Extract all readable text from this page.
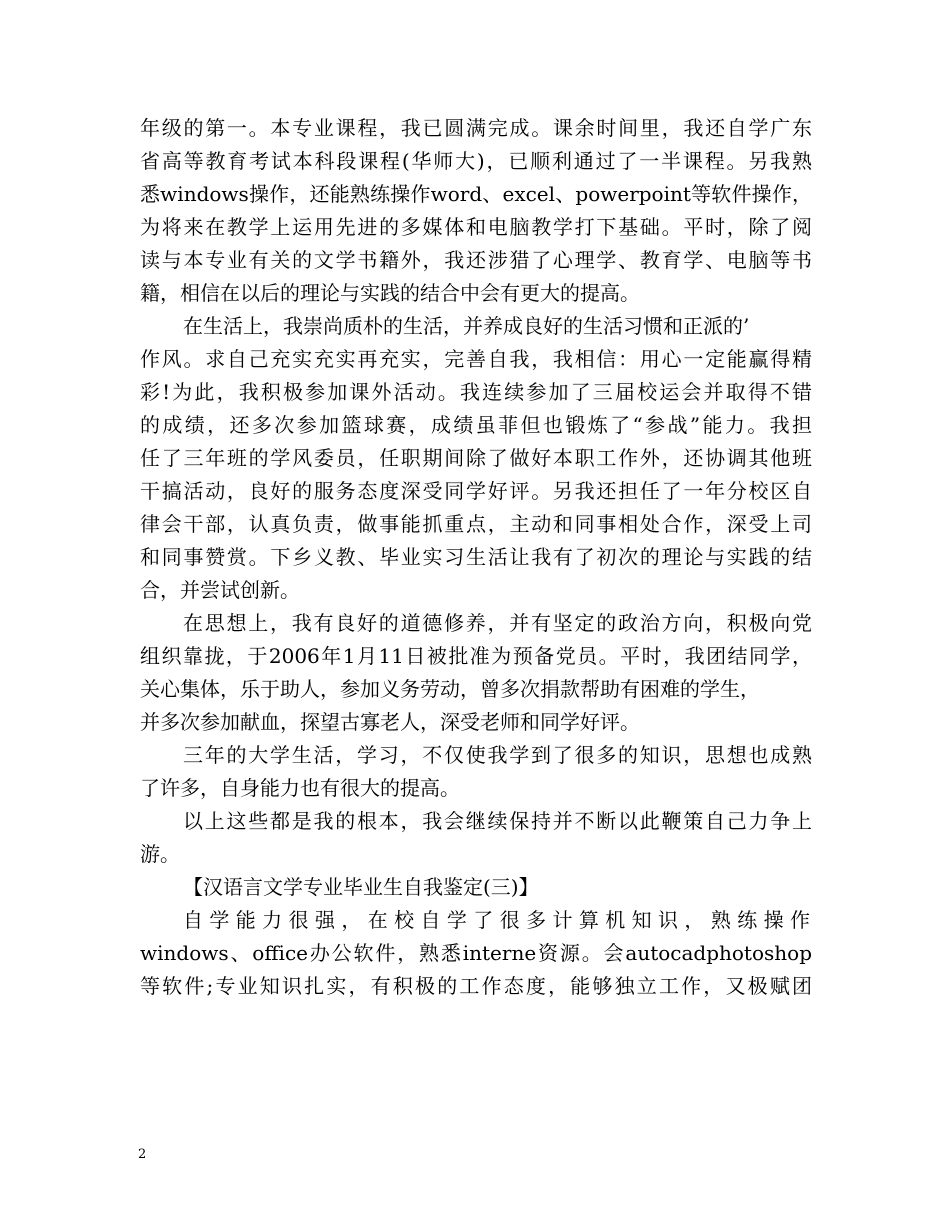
年级的第一。本专业课程，我已圆满完成。课余时间里，我还自学广东
省高等教育考试本科段课程(华师大)，已顺利通过了一半课程。另我熟
悉windows操作，还能熟练操作word、excel、powerpoint等软件操作，
为将来在教学上运用先进的多媒体和电脑教学打下基础。平时，除了阅
读与本专业有关的文学书籍外，我还涉猎了心理学、教育学、电脑等书
籍，相信在以后的理论与实践的结合中会有更大的提高。
在生活上，我崇尚质朴的生活，并养成良好的生活习惯和正派的’
作风。求自己充实充实再充实，完善自我，我相信：用心一定能赢得精
彩!为此，我积极参加课外活动。我连续参加了三届校运会并取得不错
的成绩，还多次参加篮球赛，成绩虽菲但也锻炼了“参战”能力。我担
任了三年班的学风委员，任职期间除了做好本职工作外，还协调其他班
干搞活动，良好的服务态度深受同学好评。另我还担任了一年分校区自
律会干部，认真负责，做事能抓重点，主动和同事相处合作，深受上司
和同事赞赏。下乡义教、毕业实习生活让我有了初次的理论与实践的结
合，并尝试创新。
在思想上，我有良好的道德修养，并有坚定的政治方向，积极向党
组织靠拢，于2006年1月11日被批准为预备党员。平时，我团结同学，
关心集体，乐于助人，参加义务劳动，曾多次捐款帮助有困难的学生，
并多次参加献血，探望古寡老人，深受老师和同学好评。
三年的大学生活，学习，不仅使我学到了很多的知识，思想也成熟
了许多，自身能力也有很大的提高。
以上这些都是我的根本，我会继续保持并不断以此鞭策自己力争上
游。
【汉语言文学专业毕业生自我鉴定(三)】
自学能力很强，在校自学了很多计算机知识，熟练操作
windows、office办公软件，熟悉interne资源。会autocadphotoshop
等软件;专业知识扎实，有积极的工作态度，能够独立工作，又极赋团
2
